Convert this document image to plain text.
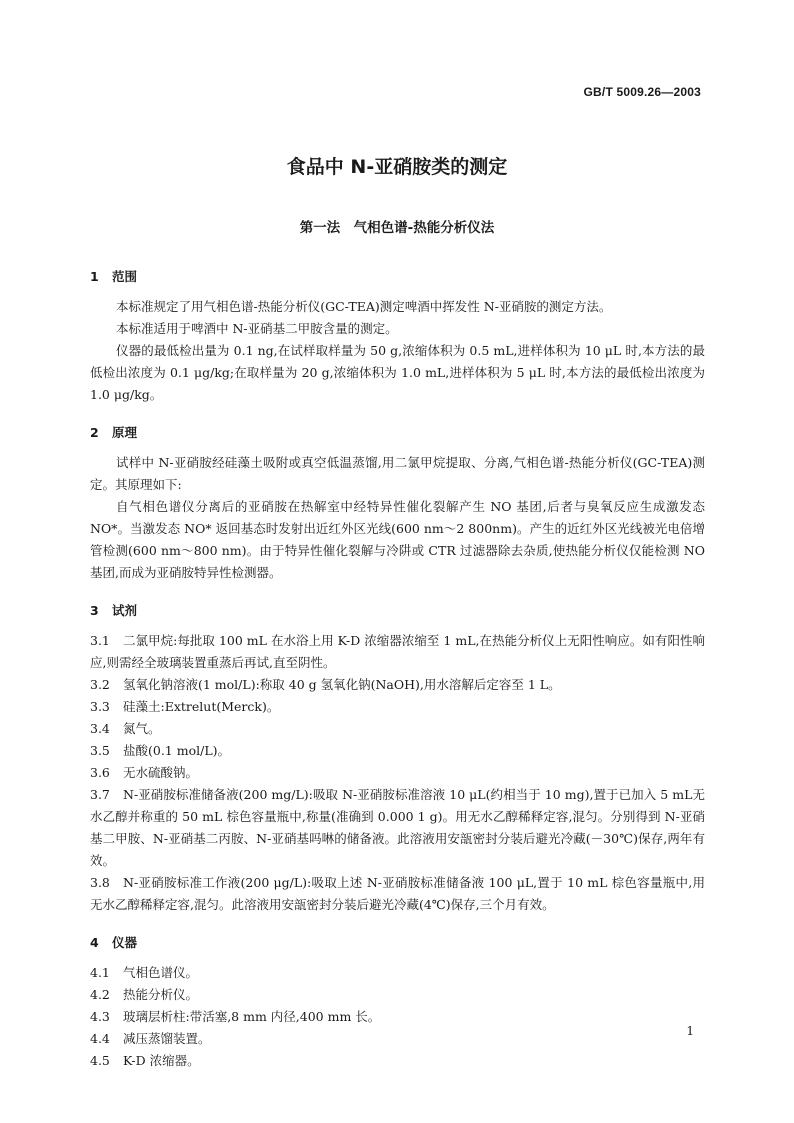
GB/T 5009.26—2003
食品中 N-亚硝胺类的测定
第一法　气相色谱-热能分析仪法
1 范围

本标准规定了用气相色谱-热能分析仪(GC-TEA)测定啤酒中挥发性 N-亚硝胺的测定方法。

本标准适用于啤酒中 N-亚硝基二甲胺含量的测定。

仪器的最低检出量为 0.1 ng,在试样取样量为 50 g,浓缩体积为 0.5 mL,进样体积为 10 μL 时,本方法的最低检出浓度为 0.1 μg/kg;在取样量为 20 g,浓缩体积为 1.0 mL,进样体积为 5 μL 时,本方法的最低检出浓度为 1.0 μg/kg。

2 原理

试样中 N-亚硝胺经硅藻土吸附或真空低温蒸馏,用二氯甲烷提取、分离,气相色谱-热能分析仪(GC-TEA)测定。其原理如下:

自气相色谱仪分离后的亚硝胺在热解室中经特异性催化裂解产生 NO 基团,后者与臭氧反应生成激发态 NO*。当激发态 NO* 返回基态时发射出近红外区光线(600 nm～2 800nm)。产生的近红外区光线被光电倍增管检测(600 nm～800 nm)。由于特异性催化裂解与冷阱或 CTR 过滤器除去杂质,使热能分析仪仅能检测 NO 基团,而成为亚硝胺特异性检测器。

3 试剂

3.1 二氯甲烷:每批取 100 mL 在水浴上用 K-D 浓缩器浓缩至 1 mL,在热能分析仪上无阳性响应。如有阳性响应,则需经全玻璃装置重蒸后再试,直至阴性。

3.2 氢氧化钠溶液(1 mol/L):称取 40 g 氢氧化钠(NaOH),用水溶解后定容至 1 L。

3.3 硅藻土:Extrelut(Merck)。

3.4 氮气。

3.5 盐酸(0.1 mol/L)。

3.6 无水硫酸钠。

3.7 N-亚硝胺标准储备液(200 mg/L):吸取 N-亚硝胺标准溶液 10 μL(约相当于 10 mg),置于已加入 5 mL无水乙醇并称重的 50 mL 棕色容量瓶中,称量(准确到 0.000 1 g)。用无水乙醇稀释定容,混匀。分别得到 N-亚硝基二甲胺、N-亚硝基二丙胺、N-亚硝基吗啉的储备液。此溶液用安瓿密封分装后避光冷藏(－30℃)保存,两年有效。

3.8 N-亚硝胺标准工作液(200 μg/L):吸取上述 N-亚硝胺标准储备液 100 μL,置于 10 mL 棕色容量瓶中,用无水乙醇稀释定容,混匀。此溶液用安瓿密封分装后避光冷藏(4℃)保存,三个月有效。

4 仪器

4.1 气相色谱仪。

4.2 热能分析仪。

4.3 玻璃层析柱:带活塞,8 mm 内径,400 mm 长。

4.4 减压蒸馏装置。

4.5 K-D 浓缩器。

1
